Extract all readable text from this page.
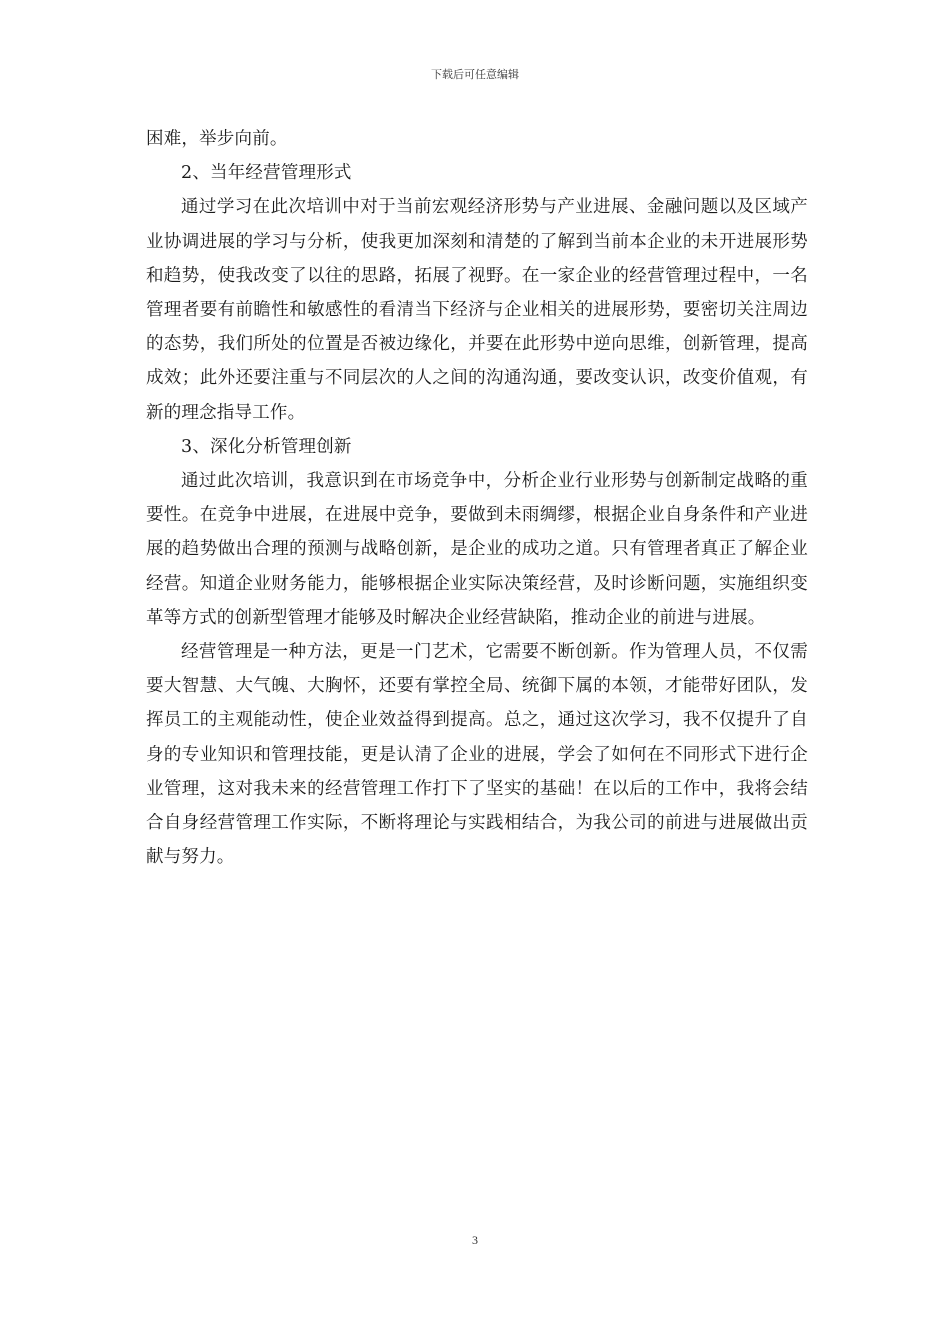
下载后可任意编辑

困难，举步向前。

2、当年经营管理形式

通过学习在此次培训中对于当前宏观经济形势与产业进展、金融问题以及区域产业协调进展的学习与分析，使我更加深刻和清楚的了解到当前本企业的未开进展形势和趋势，使我改变了以往的思路，拓展了视野。在一家企业的经营管理过程中，一名管理者要有前瞻性和敏感性的看清当下经济与企业相关的进展形势，要密切关注周边的态势，我们所处的位置是否被边缘化，并要在此形势中逆向思维，创新管理，提高成效；此外还要注重与不同层次的人之间的沟通沟通，要改变认识，改变价值观，有新的理念指导工作。

3、深化分析管理创新

通过此次培训，我意识到在市场竞争中，分析企业行业形势与创新制定战略的重要性。在竞争中进展，在进展中竞争，要做到未雨绸缪，根据企业自身条件和产业进展的趋势做出合理的预测与战略创新，是企业的成功之道。只有管理者真正了解企业经营。知道企业财务能力，能够根据企业实际决策经营，及时诊断问题，实施组织变革等方式的创新型管理才能够及时解决企业经营缺陷，推动企业的前进与进展。

经营管理是一种方法，更是一门艺术，它需要不断创新。作为管理人员，不仅需要大智慧、大气魄、大胸怀，还要有掌控全局、统御下属的本领，才能带好团队，发挥员工的主观能动性，使企业效益得到提高。总之，通过这次学习，我不仅提升了自身的专业知识和管理技能，更是认清了企业的进展，学会了如何在不同形式下进行企业管理，这对我未来的经营管理工作打下了坚实的基础！在以后的工作中，我将会结合自身经营管理工作实际，不断将理论与实践相结合，为我公司的前进与进展做出贡献与努力。

3
